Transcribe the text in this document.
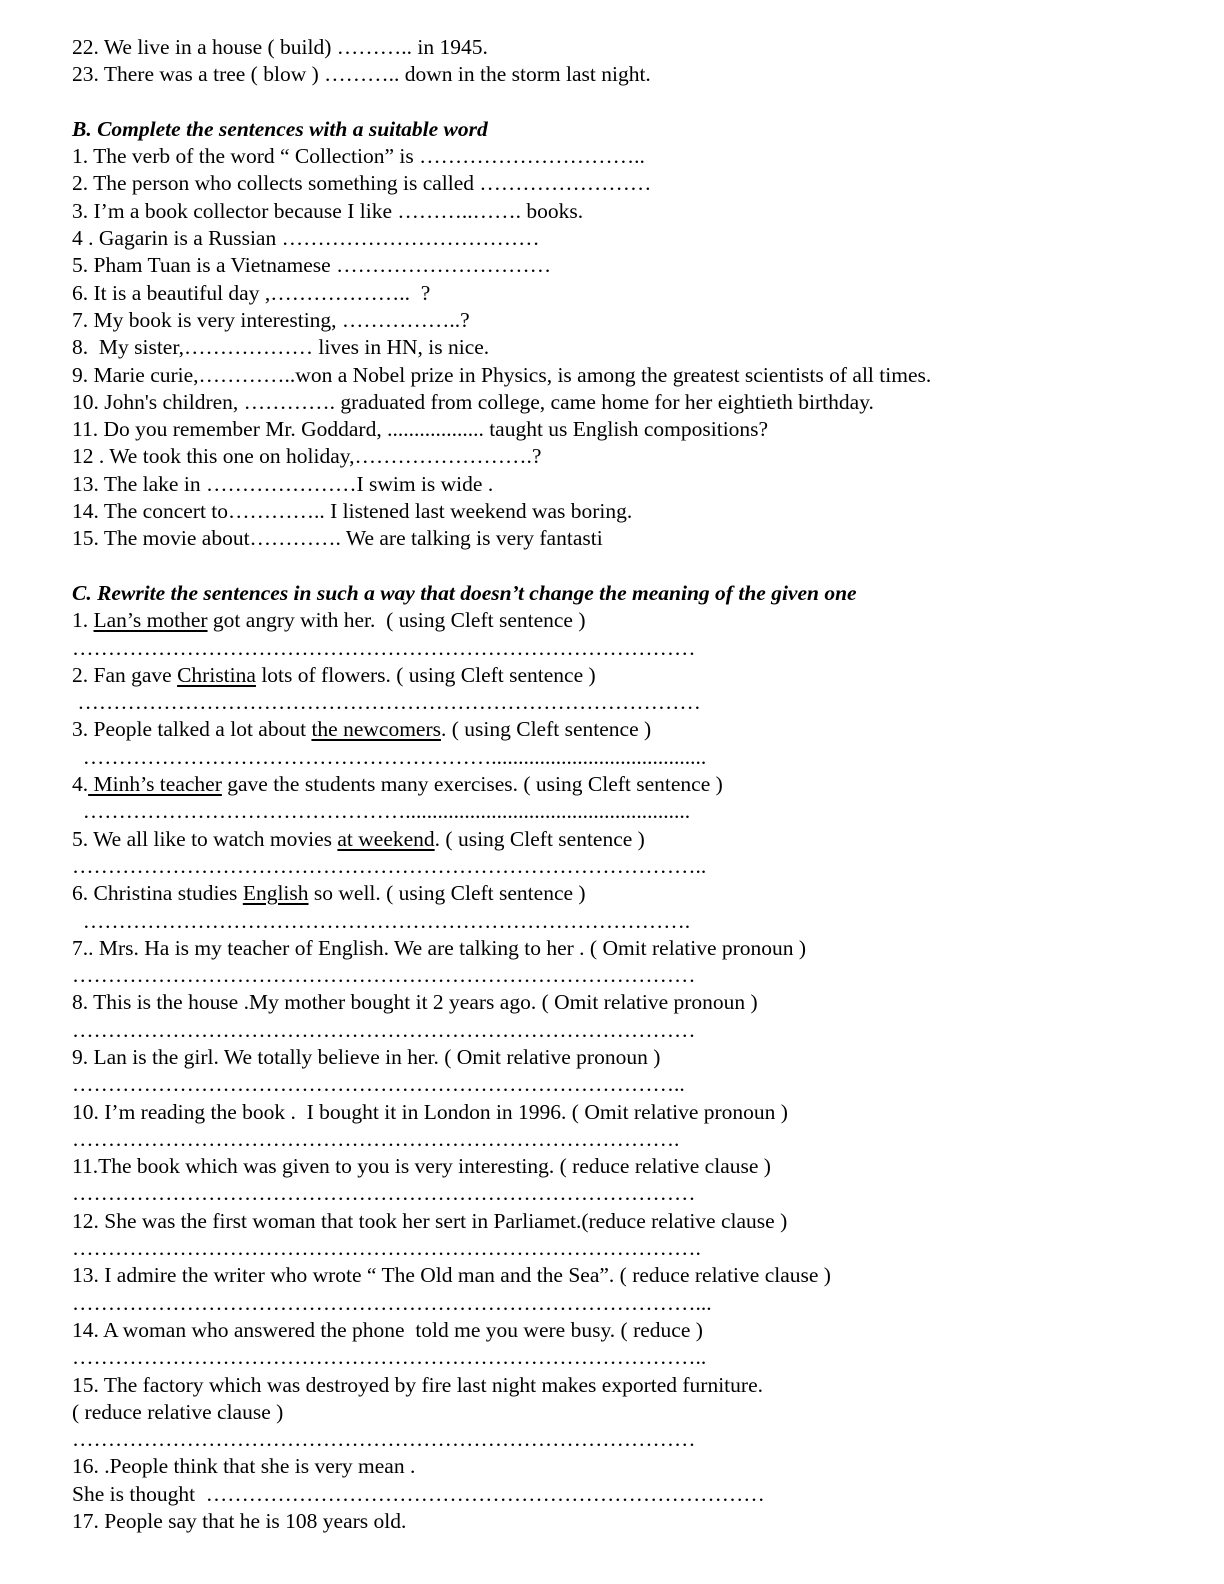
22. We live in a house ( build) ……….. in 1945.
23. There was a tree ( blow ) ……….. down in the storm last night.
B. Complete the sentences with a suitable word
1. The verb of the word “ Collection” is …………………………..
2. The person who collects something is called ……………………
3. I’m a book collector because I like ………..……. books.
4 . Gagarin is a Russian ………………………………
5. Pham Tuan is a Vietnamese …………………………
6. It is a beautiful day ,………………..  ?
7. My book is very interesting, ……………..?
8.  My sister,……………… lives in HN, is nice.
9. Marie curie,…………..won a Nobel prize in Physics, is among the greatest scientists of all times.
10. John's children, …………. graduated from college, came home for her eightieth birthday.
11. Do you remember Mr. Goddard, .................. taught us English compositions?
12 . We took this one on holiday,…………………….?
13. The lake in …………………I swim is wide .
14. The concert to………….. I listened last weekend was boring.
15. The movie about…………. We are talking is very fantasti
C. Rewrite the sentences in such a way that doesn’t change the meaning of the given one
1. Lan’s mother got angry with her.  ( using Cleft sentence )
……………………………………………………………………………
2. Fan gave Christina lots of flowers. ( using Cleft sentence )
……………………………………………………………………………
3. People talked a lot about the newcomers. ( using Cleft sentence )
…………………………………………………........................................
4. Minh’s teacher gave the students many exercises. ( using Cleft sentence )
……………………………………….....................................................
5. We all like to watch movies at weekend. ( using Cleft sentence )
……………………………………………………………………………..
6. Christina studies English so well. ( using Cleft sentence )
………………………………………………………………………….
7.. Mrs. Ha is my teacher of English. We are talking to her . ( Omit relative pronoun )
……………………………………………………………………………
8. This is the house .My mother bought it 2 years ago. ( Omit relative pronoun )
……………………………………………………………………………
9. Lan is the girl. We totally believe in her. ( Omit relative pronoun )
…………………………………………………………………………..
10. I’m reading the book .  I bought it in London in 1996. ( Omit relative pronoun )
………………………………………………………………………….
11.The book which was given to you is very interesting. ( reduce relative clause )
……………………………………………………………………………
12. She was the first woman that took her sert in Parliamet.(reduce relative clause )
…………………………………………………………………………….
13. I admire the writer who wrote “ The Old man and the Sea”. ( reduce relative clause )
……………………………………………………………………………...
14. A woman who answered the phone  told me you were busy. ( reduce )
……………………………………………………………………………..
15. The factory which was destroyed by fire last night makes exported furniture.
( reduce relative clause )
……………………………………………………………………………
16. .People think that she is very mean .
She is thought  ……………………………………………………………………
17. People say that he is 108 years old.
